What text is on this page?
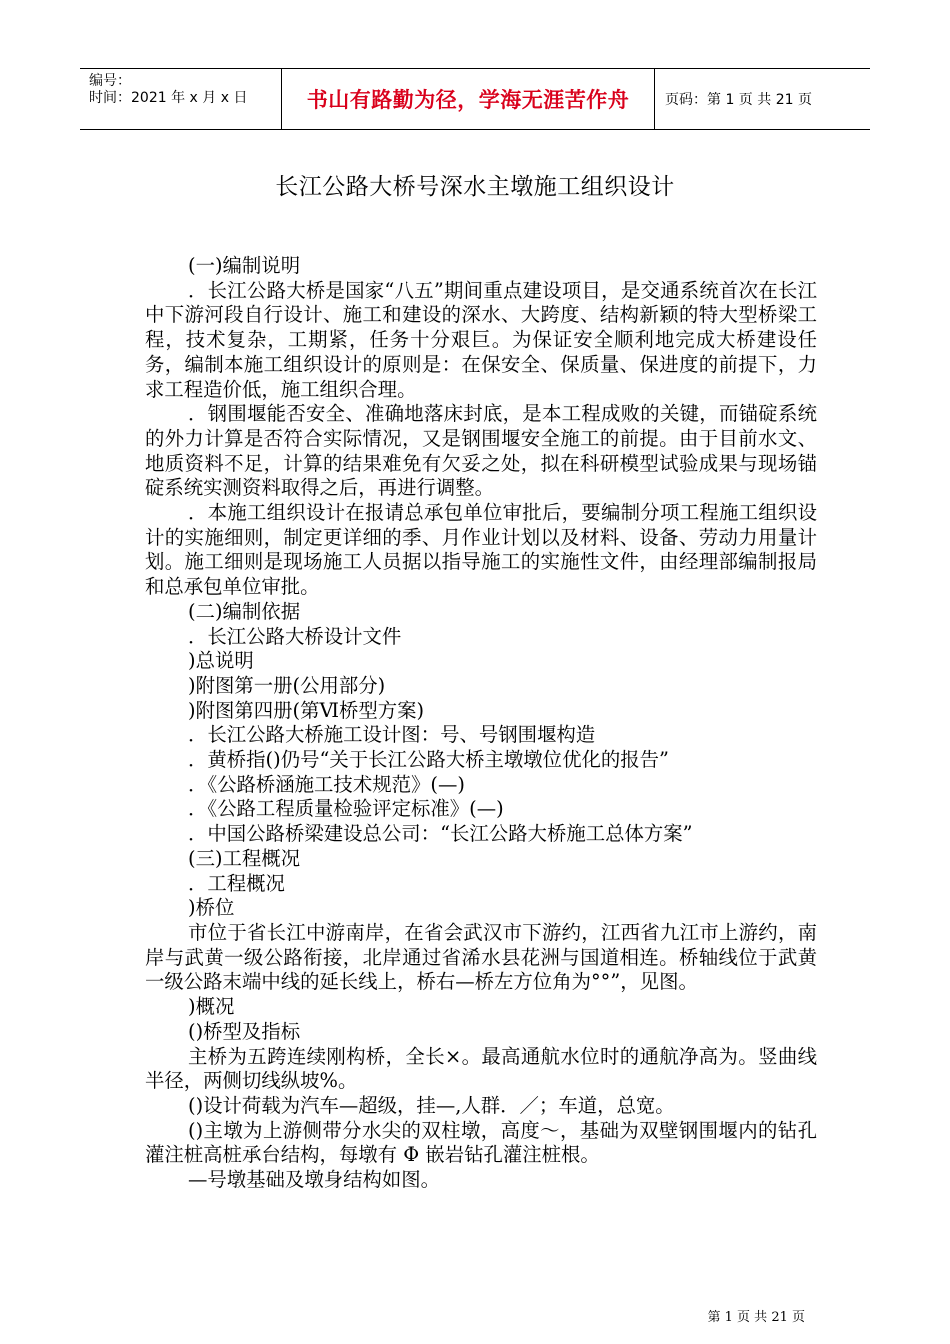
编号：
时间：2021 年 x 月 x 日	书山有路勤为径，学海无涯苦作舟	页码：第 1 页 共 21 页
长江公路大桥号深水主墩施工组织设计

(一)编制说明

．长江公路大桥是国家“八五”期间重点建设项目，是交通系统首次在长江中下游河段自行设计、施工和建设的深水、大跨度、结构新颖的特大型桥梁工程，技术复杂，工期紧，任务十分艰巨。为保证安全顺利地完成大桥建设任务，编制本施工组织设计的原则是：在保安全、保质量、保进度的前提下，力求工程造价低，施工组织合理。

．钢围堰能否安全、准确地落床封底，是本工程成败的关键，而锚碇系统的外力计算是否符合实际情况，又是钢围堰安全施工的前提。由于目前水文、地质资料不足，计算的结果难免有欠妥之处，拟在科研模型试验成果与现场锚碇系统实测资料取得之后，再进行调整。

．本施工组织设计在报请总承包单位审批后，要编制分项工程施工组织设计的实施细则，制定更详细的季、月作业计划以及材料、设备、劳动力用量计划。施工细则是现场施工人员据以指导施工的实施性文件，由经理部编制报局和总承包单位审批。

(二)编制依据

．长江公路大桥设计文件

)总说明

)附图第一册(公用部分)

)附图第四册(第Ⅵ桥型方案)

．长江公路大桥施工设计图：号、号钢围堰构造

．黄桥指()仍号“关于长江公路大桥主墩墩位优化的报告”

．《公路桥涵施工技术规范》(—)

．《公路工程质量检验评定标准》(—)

．中国公路桥梁建设总公司：“长江公路大桥施工总体方案”

(三)工程概况

．工程概况

)桥位

市位于省长江中游南岸，在省会武汉市下游约，江西省九江市上游约，南岸与武黄一级公路衔接，北岸通过省浠水县花洲与国道相连。桥轴线位于武黄一级公路末端中线的延长线上，桥右—桥左方位角为°°”，见图。

)概况

()桥型及指标

主桥为五跨连续刚构桥，全长×。最高通航水位时的通航净高为。竖曲线半径，两侧切线纵坡%。

()设计荷载为汽车—超级，挂—,人群．／；车道，总宽。

()主墩为上游侧带分水尖的双柱墩，高度～，基础为双壁钢围堰内的钻孔灌注桩高桩承台结构，每墩有 Φ 嵌岩钻孔灌注桩根。

—号墩基础及墩身结构如图。

第 1 页 共 21 页
